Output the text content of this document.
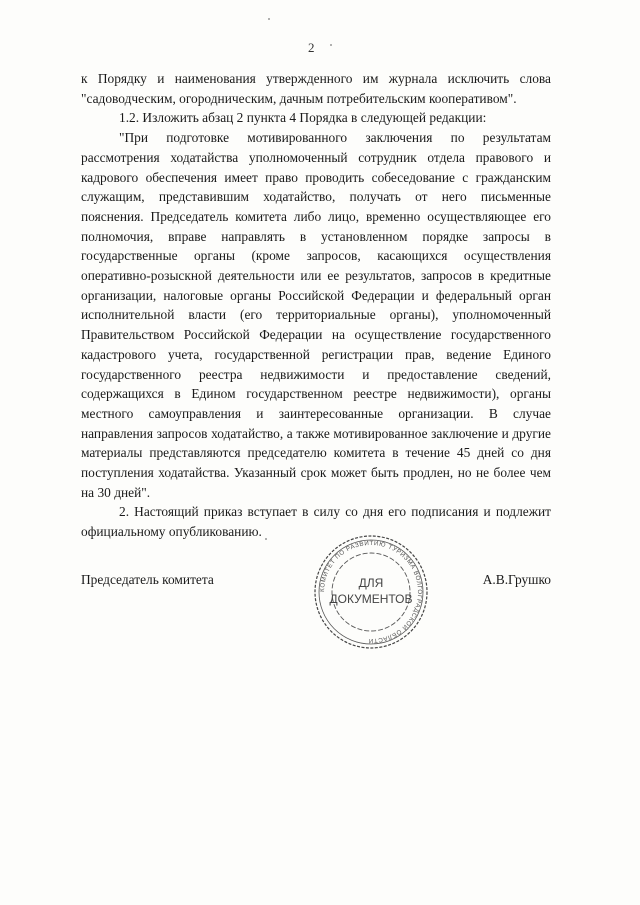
2

к Порядку и наименования утвержденного им журнала исключить слова "садоводческим, огородническим, дачным потребительским кооперативом".

1.2. Изложить абзац 2 пункта 4 Порядка в следующей редакции:

"При подготовке мотивированного заключения по результатам рассмотрения ходатайства уполномоченный сотрудник отдела правового и кадрового обеспечения имеет право проводить собеседование с гражданским служащим, представившим ходатайство, получать от него письменные пояснения. Председатель комитета либо лицо, временно осуществляющее его полномочия, вправе направлять в установленном порядке запросы в государственные органы (кроме запросов, касающихся осуществления оперативно-розыскной деятельности или ее результатов, запросов в кредитные организации, налоговые органы Российской Федерации и федеральный орган исполнительной власти (его территориальные органы), уполномоченный Правительством Российской Федерации на осуществление государственного кадастрового учета, государственной регистрации прав, ведение Единого государственного реестра недвижимости и предоставление сведений, содержащихся в Едином государственном реестре недвижимости), органы местного самоуправления и заинтересованные организации. В случае направления запросов ходатайство, а также мотивированное заключение и другие материалы представляются председателю комитета в течение 45 дней со дня поступления ходатайства. Указанный срок может быть продлен, но не более чем на 30 дней".

2. Настоящий приказ вступает в силу со дня его подписания и подлежит официальному опубликованию.

Председатель комитета	А.В.Грушко
КОМИТЕТ ПО РАЗВИТИЮ ТУРИЗМА ВОЛГОГРАДСКОЙ ОБЛАСТИ
ДЛЯ
ДОКУМЕНТОВ
